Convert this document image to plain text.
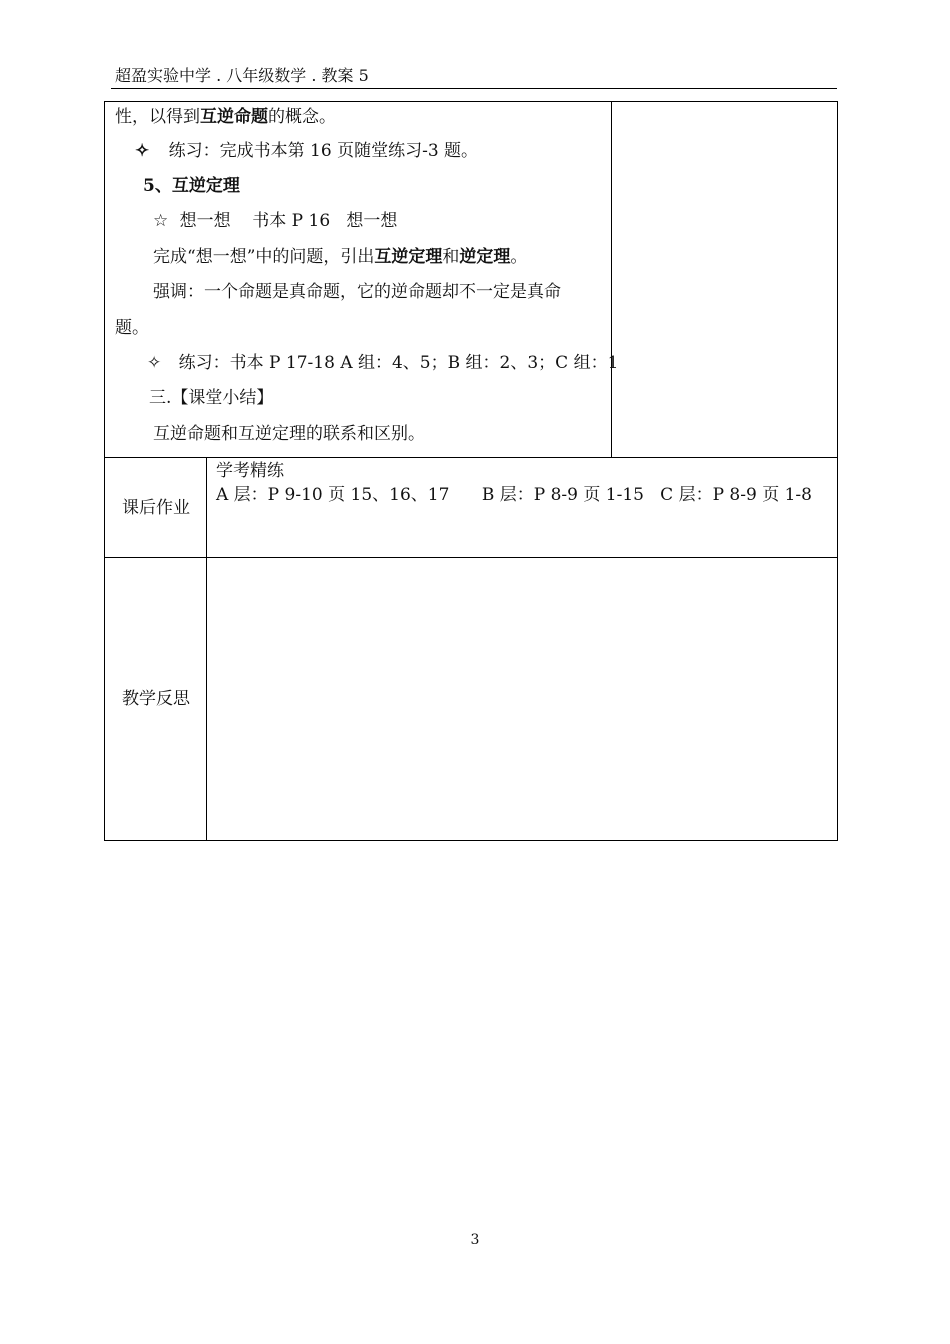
超盈实验中学 . 八年级数学 . 教案 5
性，以得到互逆命题的概念。
✧ 练习：完成书本第 16 页随堂练习-3 题。
5、互逆定理
☆ 想一想    书本 P 16   想一想
完成“想一想”中的问题，引出互逆定理和逆定理。
强调：一个命题是真命题，它的逆命题却不一定是真命
题。
✧ 练习：书本 P 17-18 A 组：4、5；B 组：2、3；C 组：1
三.【课堂小结】
互逆命题和互逆定理的联系和区别。
课后作业
学考精练
A 层：P 9-10 页 15、16、17      B 层：P 8-9 页 1-15   C 层：P 8-9 页 1-8
教学反思
3
